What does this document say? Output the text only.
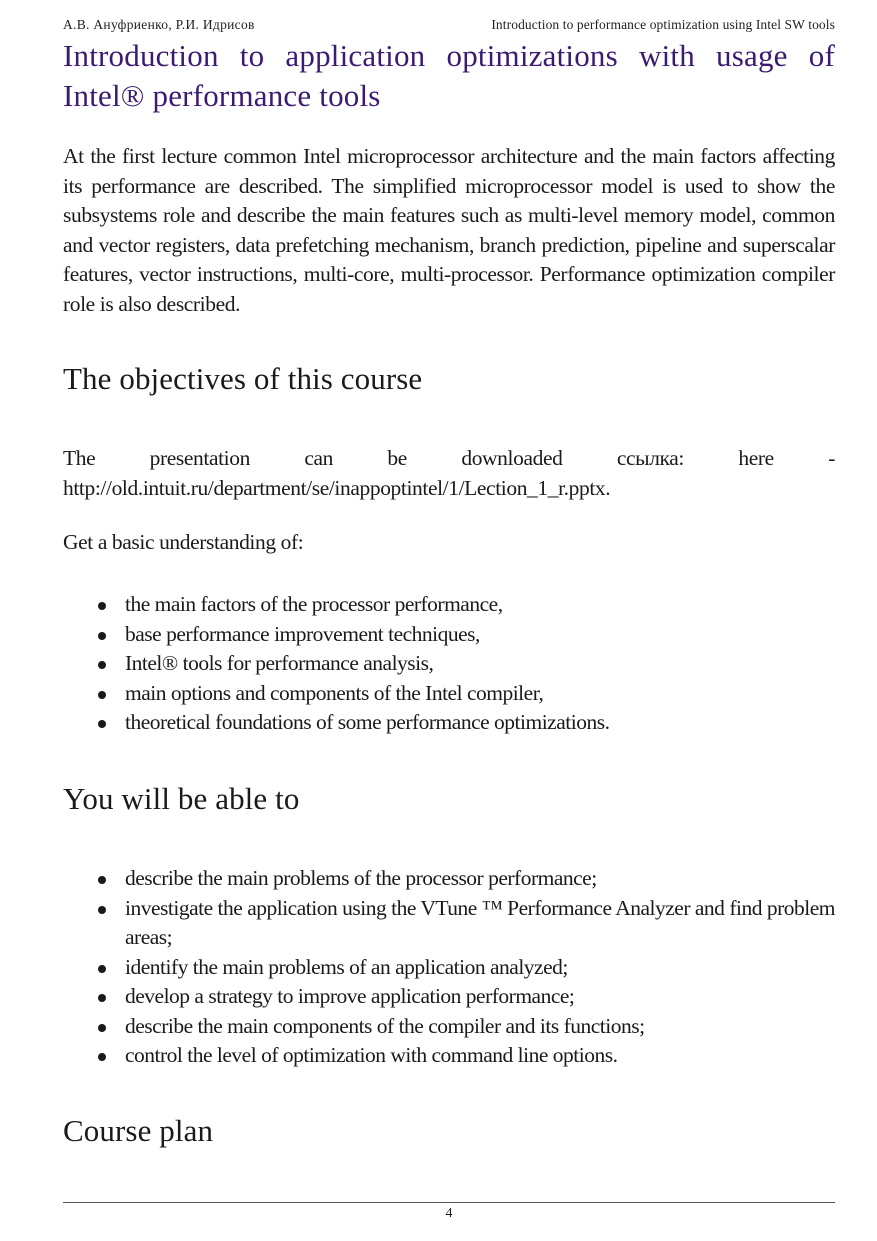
А.В. Ануфриенко, Р.И. Идрисов	Introduction to performance optimization using Intel SW tools
Introduction to application optimizations with usage of Intel® performance tools

At the first lecture common Intel microprocessor architecture and the main factors affecting its performance are described. The simplified microprocessor model is used to show the subsystems role and describe the main features such as multi-level memory model, common and vector registers, data prefetching mechanism, branch prediction, pipeline and superscalar features, vector instructions, multi-core, multi-processor. Performance optimization compiler role is also described.

The objectives of this course

The presentation can be downloaded ссылка: here -
http://old.intuit.ru/department/se/inappoptintel/1/Lection_1_r.pptx.

Get a basic understanding of:

the main factors of the processor performance,
base performance improvement techniques,
Intel® tools for performance analysis,
main options and components of the Intel compiler,
theoretical foundations of some performance optimizations.
You will be able to
describe the main problems of the processor performance;
investigate the application using the VTune ™ Performance Analyzer and find problem areas;
identify the main problems of an application analyzed;
develop a strategy to improve application performance;
describe the main components of the compiler and its functions;
control the level of optimization with command line options.
Course plan
4
